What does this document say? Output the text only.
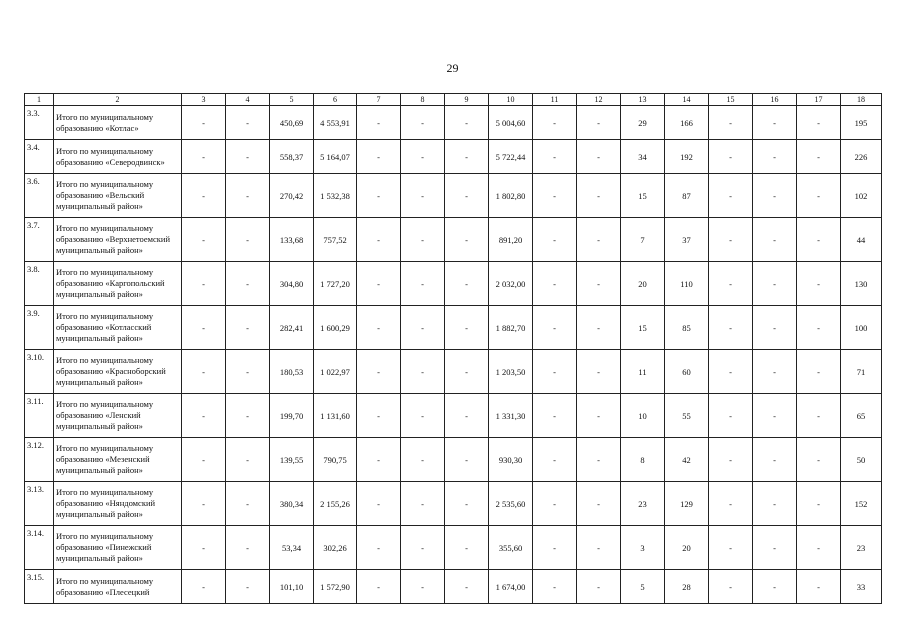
29
1	2	3	4	5	6	7	8	9	10	11	12	13	14	15	16	17	18
3.3.	Итого по муниципальному
образованию «Котлас»	-	-	450,69	4 553,91	-	-	-	5 004,60	-	-	29	166	-	-	-	195
3.4.	Итого по муниципальному
образованию «Северодвинск»	-	-	558,37	5 164,07	-	-	-	5 722,44	-	-	34	192	-	-	-	226
3.6.	Итого по муниципальному
образованию «Вельский
муниципальный район»	-	-	270,42	1 532,38	-	-	-	1 802,80	-	-	15	87	-	-	-	102
3.7.	Итого по муниципальному
образованию «Верхнетоемский
муниципальный район»	-	-	133,68	757,52	-	-	-	891,20	-	-	7	37	-	-	-	44
3.8.	Итого по муниципальному
образованию «Каргопольский
муниципальный район»	-	-	304,80	1 727,20	-	-	-	2 032,00	-	-	20	110	-	-	-	130
3.9.	Итого по муниципальному
образованию «Котласский
муниципальный район»	-	-	282,41	1 600,29	-	-	-	1 882,70	-	-	15	85	-	-	-	100
3.10.	Итого по муниципальному
образованию «Красноборский
муниципальный район»	-	-	180,53	1 022,97	-	-	-	1 203,50	-	-	11	60	-	-	-	71
3.11.	Итого по муниципальному
образованию «Ленский
муниципальный район»	-	-	199,70	1 131,60	-	-	-	1 331,30	-	-	10	55	-	-	-	65
3.12.	Итого по муниципальному
образованию «Мезенский
муниципальный район»	-	-	139,55	790,75	-	-	-	930,30	-	-	8	42	-	-	-	50
3.13.	Итого по муниципальному
образованию «Няндомский
муниципальный район»	-	-	380,34	2 155,26	-	-	-	2 535,60	-	-	23	129	-	-	-	152
3.14.	Итого по муниципальному
образованию «Пинежский
муниципальный район»	-	-	53,34	302,26	-	-	-	355,60	-	-	3	20	-	-	-	23
3.15.	Итого по муниципальному
образованию «Плесецкий	-	-	101,10	1 572,90	-	-	-	1 674,00	-	-	5	28	-	-	-	33
